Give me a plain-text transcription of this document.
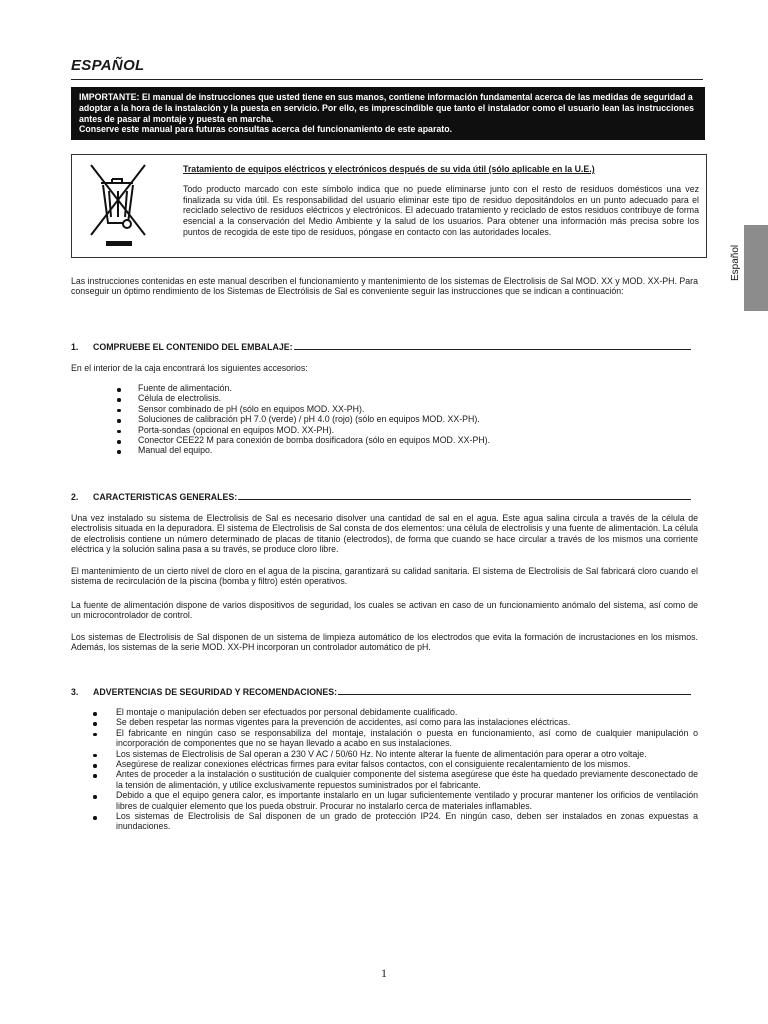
ESPAÑOL

IMPORTANTE: El manual de instrucciones que usted tiene en sus manos, contiene información fundamental acerca de las medidas de seguridad a adoptar a la hora de la instalación y la puesta en servicio. Por ello, es imprescindible que tanto el instalador como el usuario lean las instrucciones antes de pasar al montaje y puesta en marcha.

Conserve este manual para futuras consultas acerca del funcionamiento de este aparato.

Tratamiento de equipos eléctricos y electrónicos después de su vida útil (sólo aplicable en la U.E.)

Todo producto marcado con este símbolo indica que no puede eliminarse junto con el resto de residuos domésticos una vez finalizada su vida útil. Es responsabilidad del usuario eliminar este tipo de residuo depositándolos en un punto adecuado para el reciclado selectivo de residuos eléctricos y electrónicos. El adecuado tratamiento y reciclado de estos residuos contribuye de forma esencial a la conservación del Medio Ambiente y la salud de los usuarios. Para obtener una información más precisa sobre los puntos de recogida de este tipo de residuos, póngase en contacto con las autoridades locales.

Español

Las instrucciones contenidas en este manual describen el funcionamiento y mantenimiento de los sistemas de Electrolisis de Sal MOD. XX y MOD. XX-PH. Para conseguir un óptimo rendimiento de los Sistemas de Electrólisis de Sal es conveniente seguir las instrucciones que se indican a continuación:

1.	COMPRUEBE EL CONTENIDO DEL EMBALAJE:

En el interior de la caja encontrará los siguientes accesorios:

Fuente de alimentación.
Célula de electrolisis.
Sensor combinado de pH (sólo en equipos MOD. XX-PH).
Soluciones de calibración pH 7.0 (verde) / pH 4.0 (rojo) (sólo en equipos MOD. XX-PH).
Porta-sondas (opcional en equipos MOD. XX-PH).
Conector CEE22 M para conexión de bomba dosificadora (sólo en equipos MOD. XX-PH).
Manual del equipo.
2.	CARACTERISTICAS GENERALES:

Una vez instalado su sistema de Electrolisis de Sal es necesario disolver una cantidad de sal en el agua. Este agua salina circula a través de la célula de electrolisis situada en la depuradora. El sistema de Electrolisis de Sal consta de dos elementos: una célula de electrolisis y una fuente de alimentación. La célula de electrolisis contiene un número determinado de placas de titanio (electrodos), de forma que cuando se hace circular a través de los mismos una corriente eléctrica y la solución salina pasa a su través, se produce cloro libre.

El mantenimiento de un cierto nivel de cloro en el agua de la piscina, garantizará su calidad sanitaria. El sistema de Electrolisis de Sal fabricará cloro cuando el sistema de recirculación de la piscina (bomba y filtro) estén operativos.

La fuente de alimentación dispone de varios dispositivos de seguridad, los cuales se activan en caso de un funcionamiento anómalo del sistema, así como de un microcontrolador de control.

Los sistemas de Electrolisis de Sal disponen de un sistema de limpieza automático de los electrodos que evita la formación de incrustaciones en los mismos. Además, los sistemas de la serie MOD. XX-PH incorporan un controlador automático de pH.

3.	ADVERTENCIAS DE SEGURIDAD Y RECOMENDACIONES:
El montaje o manipulación deben ser efectuados por personal debidamente cualificado.
Se deben respetar las normas vigentes para la prevención de accidentes, así como para las instalaciones eléctricas.
El fabricante en ningún caso se responsabiliza del montaje, instalación o puesta en funcionamiento, así como de cualquier manipulación o incorporación de componentes que no se hayan llevado a acabo en sus instalaciones.
Los sistemas de Electrolisis de Sal operan a 230 V AC / 50/60 Hz. No intente alterar la fuente de alimentación para operar a otro voltaje.
Asegúrese de realizar conexiones eléctricas firmes para evitar falsos contactos, con el consiguiente recalentamiento de los mismos.
Antes de proceder a la instalación o sustitución de cualquier componente del sistema asegúrese que éste ha quedado previamente desconectado de la tensión de alimentación, y utilice exclusivamente repuestos suministrados por el fabricante.
Debido a que el equipo genera calor, es importante instalarlo en un lugar suficientemente ventilado y procurar mantener los orificios de ventilación libres de cualquier elemento que los pueda obstruir. Procurar no instalarlo cerca de materiales inflamables.
Los sistemas de Electrolisis de Sal disponen de un grado de protección IP24. En ningún caso, deben ser instalados en zonas expuestas a inundaciones.
1
